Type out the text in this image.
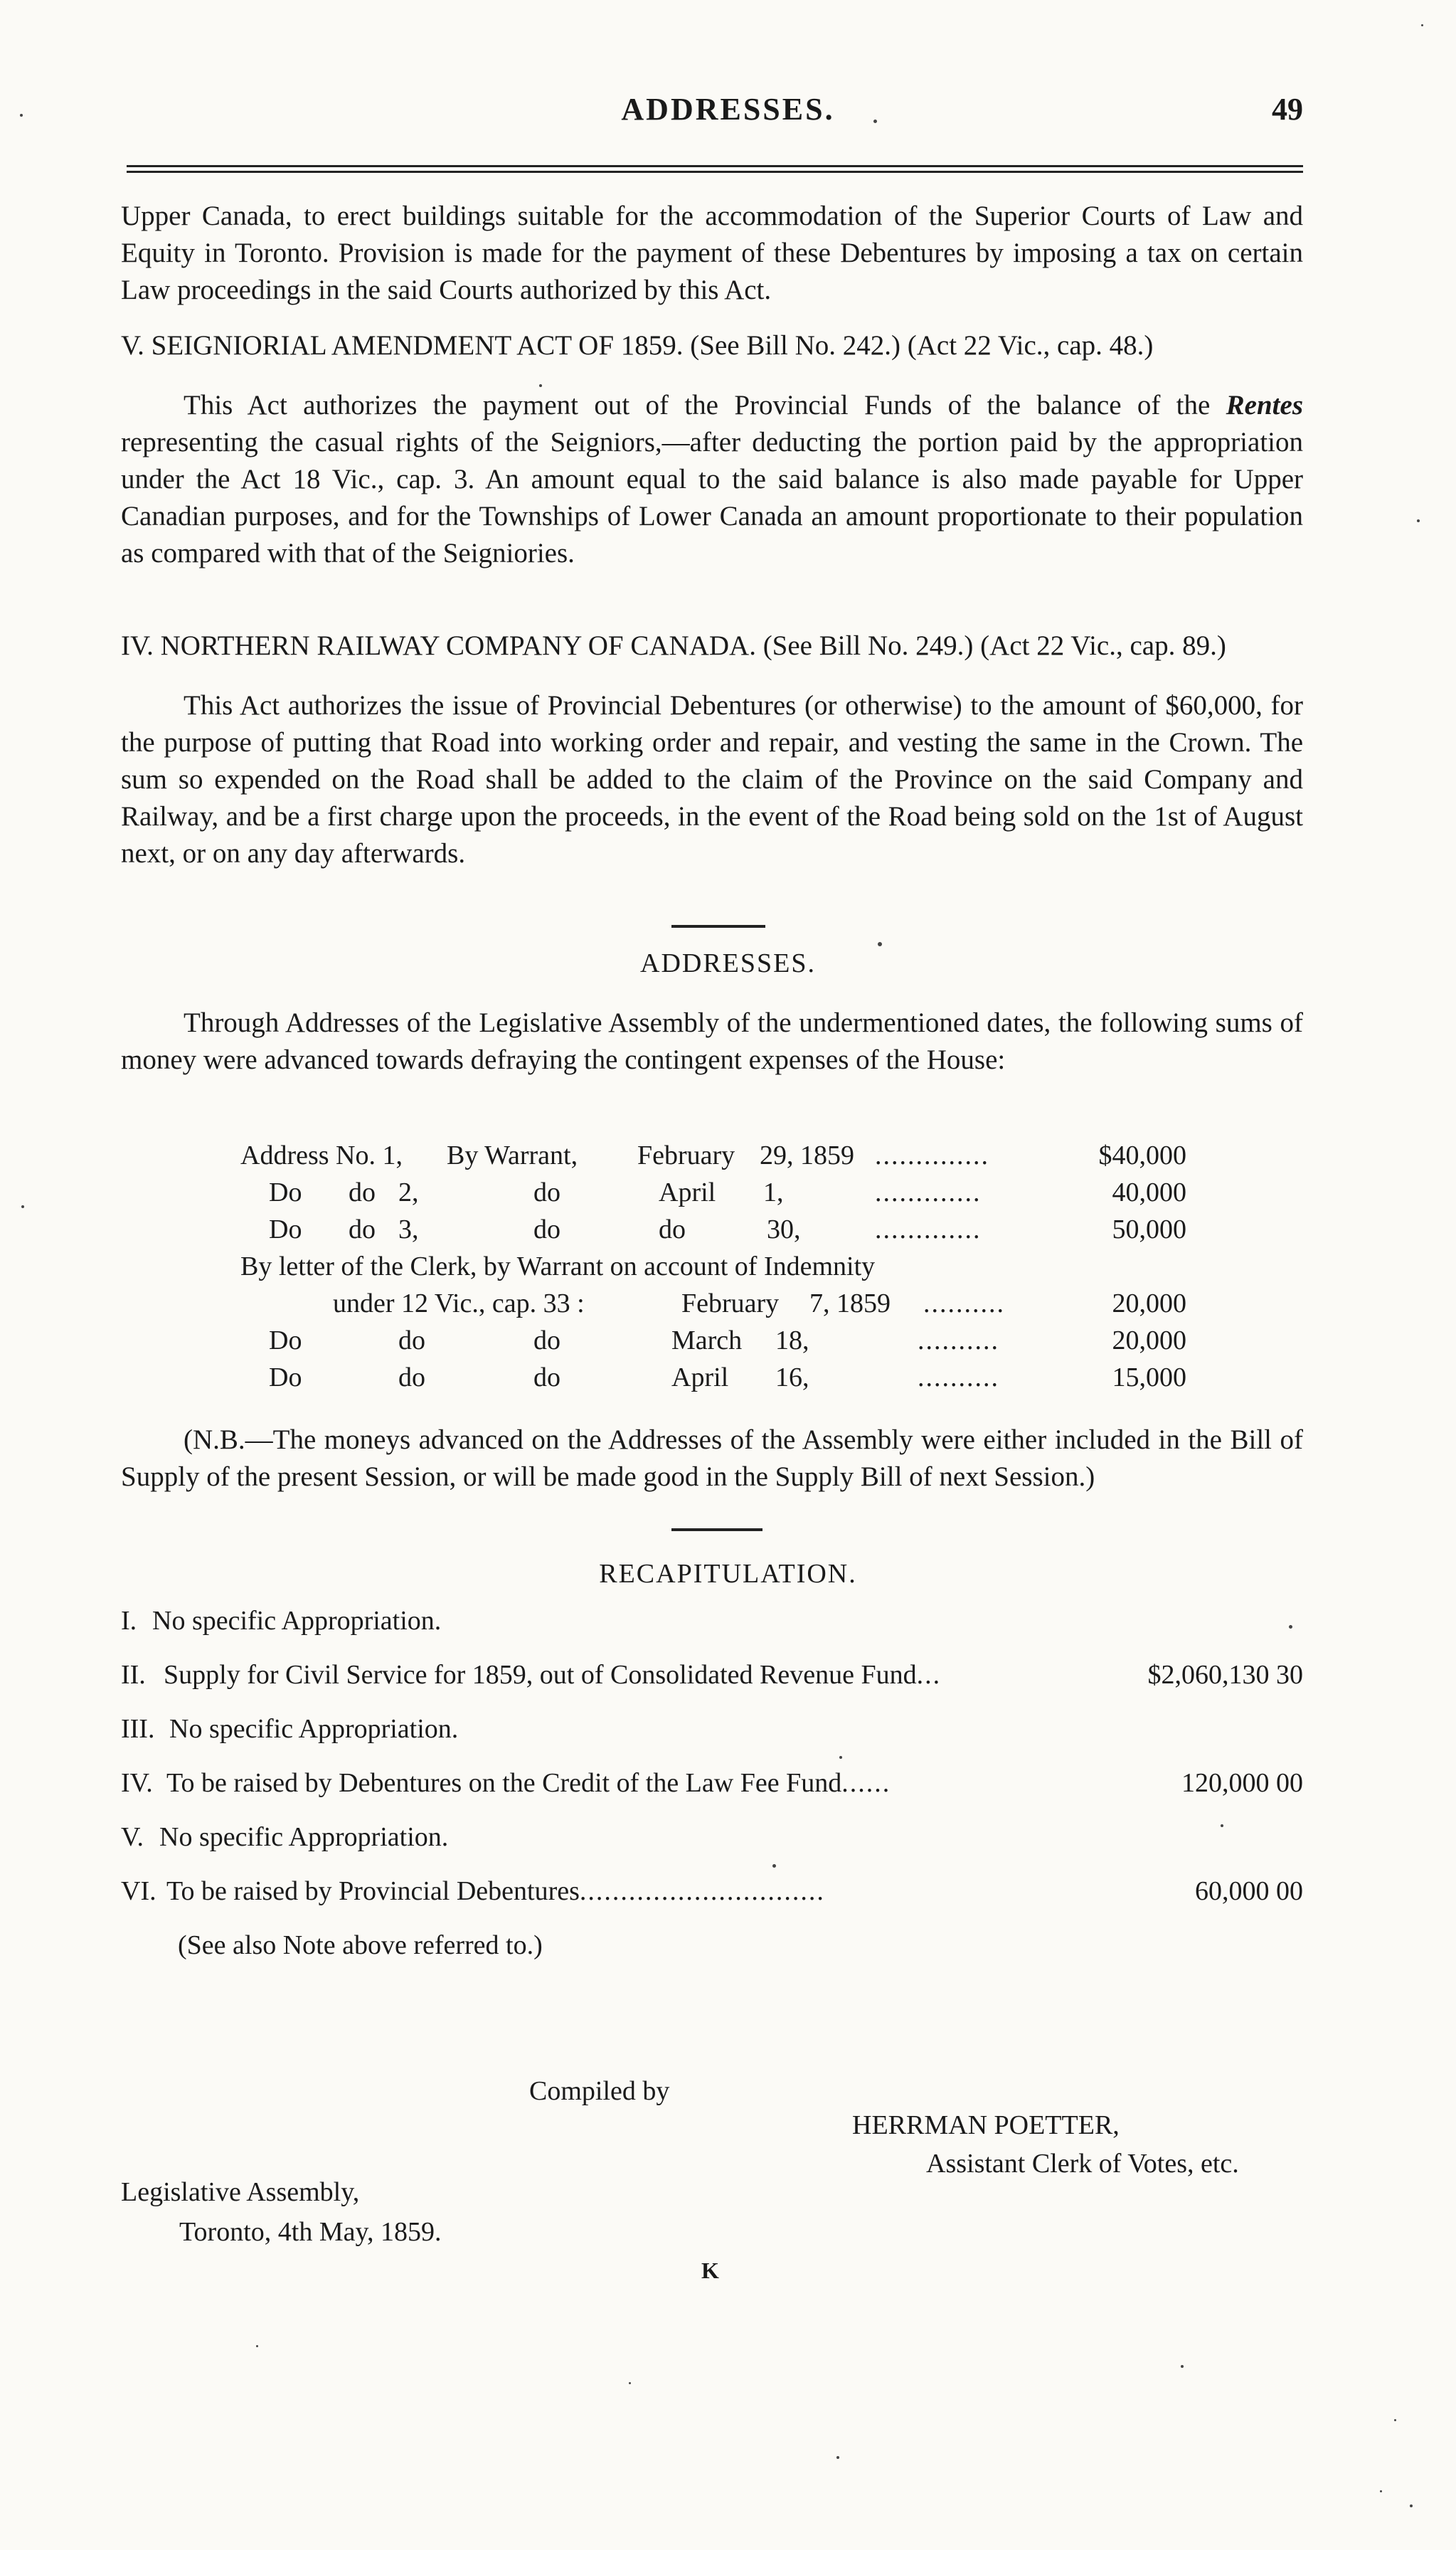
ADDRESSES.	49

Upper Canada, to erect buildings suitable for the accommodation of the Superior Courts of Law and Equity in Toronto. Provision is made for the payment of these Debentures by imposing a tax on certain Law proceedings in the said Courts authorized by this Act.

V. SEIGNIORIAL AMENDMENT ACT OF 1859. (See Bill No. 242.) (Act 22 Vic., cap. 48.)

This Act authorizes the payment out of the Provincial Funds of the balance of the Rentes representing the casual rights of the Seigniors,—after deducting the portion paid by the appropriation under the Act 18 Vic., cap. 3. An amount equal to the said balance is also made payable for Upper Canadian purposes, and for the Townships of Lower Canada an amount proportionate to their population as compared with that of the Seigniories.

IV. NORTHERN RAILWAY COMPANY OF CANADA. (See Bill No. 249.) (Act 22 Vic., cap. 89.)

This Act authorizes the issue of Provincial Debentures (or otherwise) to the amount of $60,000, for the purpose of putting that Road into working order and repair, and vesting the same in the Crown. The sum so expended on the Road shall be added to the claim of the Province on the said Company and Railway, and be a first charge upon the proceeds, in the event of the Road being sold on the 1st of August next, or on any day afterwards.

ADDRESSES.

Through Addresses of the Legislative Assembly of the undermentioned dates, the following sums of money were advanced towards defraying the contingent expenses of the House:

Address No. 1, By Warrant, February 29, 1859 ..............	$40,000
Do do 2,	do	April 1,	.............	40,000
Do do 3,	do	do	30,	.............	50,000
By letter of the Clerk, by Warrant on account of Indemnity
under 12 Vic., cap. 33 :	February 7, 1859 ..........	20,000
Do	do	do	March 18,	..........	20,000
Do	do	do	April 16,	..........	15,000

(N.B.—The moneys advanced on the Addresses of the Assembly were either included in the Bill of Supply of the present Session, or will be made good in the Supply Bill of next Session.)

RECAPITULATION.
I. No specific Appropriation.
II. Supply for Civil Service for 1859, out of Consolidated Revenue Fund...	$2,060,130 30
III. No specific Appropriation.
IV. To be raised by Debentures on the Credit of the Law Fee Fund......	120,000 00
V. No specific Appropriation.
VI. To be raised by Provincial Debentures..............................	60,000 00
(See also Note above referred to.)
Compiled by
HERRMAN POETTER,
Assistant Clerk of Votes, etc.
Legislative Assembly,
Toronto, 4th May, 1859.
K
